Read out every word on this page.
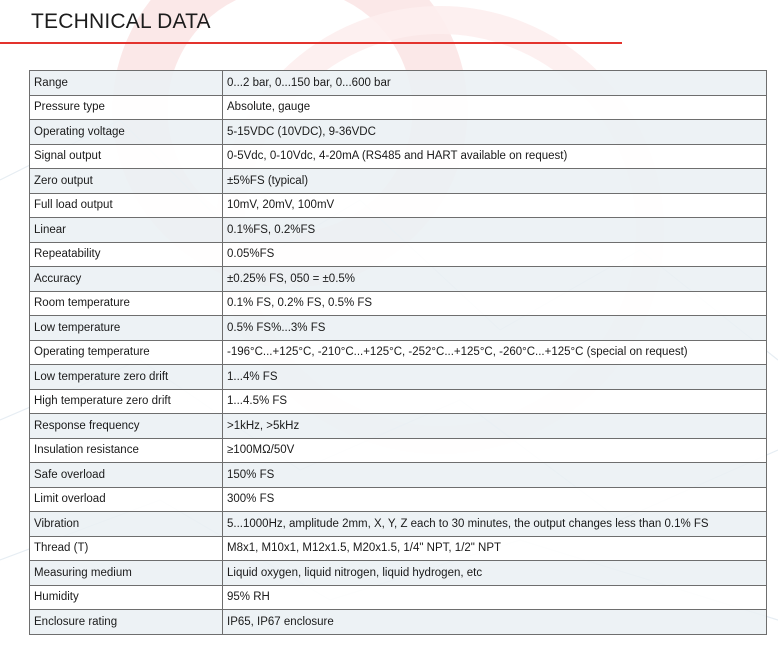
TECHNICAL DATA
Range	0...2 bar, 0...150 bar, 0...600 bar
Pressure type	Absolute, gauge
Operating voltage	5-15VDC (10VDC), 9-36VDC
Signal output	0-5Vdc, 0-10Vdc, 4-20mA (RS485 and HART available on request)
Zero output	±5%FS (typical)
Full load output	10mV, 20mV, 100mV
Linear	0.1%FS, 0.2%FS
Repeatability	0.05%FS
Accuracy	±0.25% FS, 050 = ±0.5%
Room temperature	0.1% FS, 0.2% FS, 0.5% FS
Low temperature	0.5% FS%...3% FS
Operating temperature	-196°C...+125°C, -210°C...+125°C, -252°C...+125°C, -260°C...+125°C (special on request)
Low temperature zero drift	1...4% FS
High temperature zero drift	1...4.5% FS
Response frequency	>1kHz, >5kHz
Insulation resistance	≥100MΩ/50V
Safe overload	150% FS
Limit overload	300% FS
Vibration	5...1000Hz, amplitude 2mm, X, Y, Z each to 30 minutes, the output changes less than 0.1% FS
Thread (T)	M8x1, M10x1, M12x1.5, M20x1.5, 1/4" NPT, 1/2" NPT
Measuring medium	Liquid oxygen, liquid nitrogen, liquid hydrogen, etc
Humidity	95% RH
Enclosure rating	IP65, IP67 enclosure
